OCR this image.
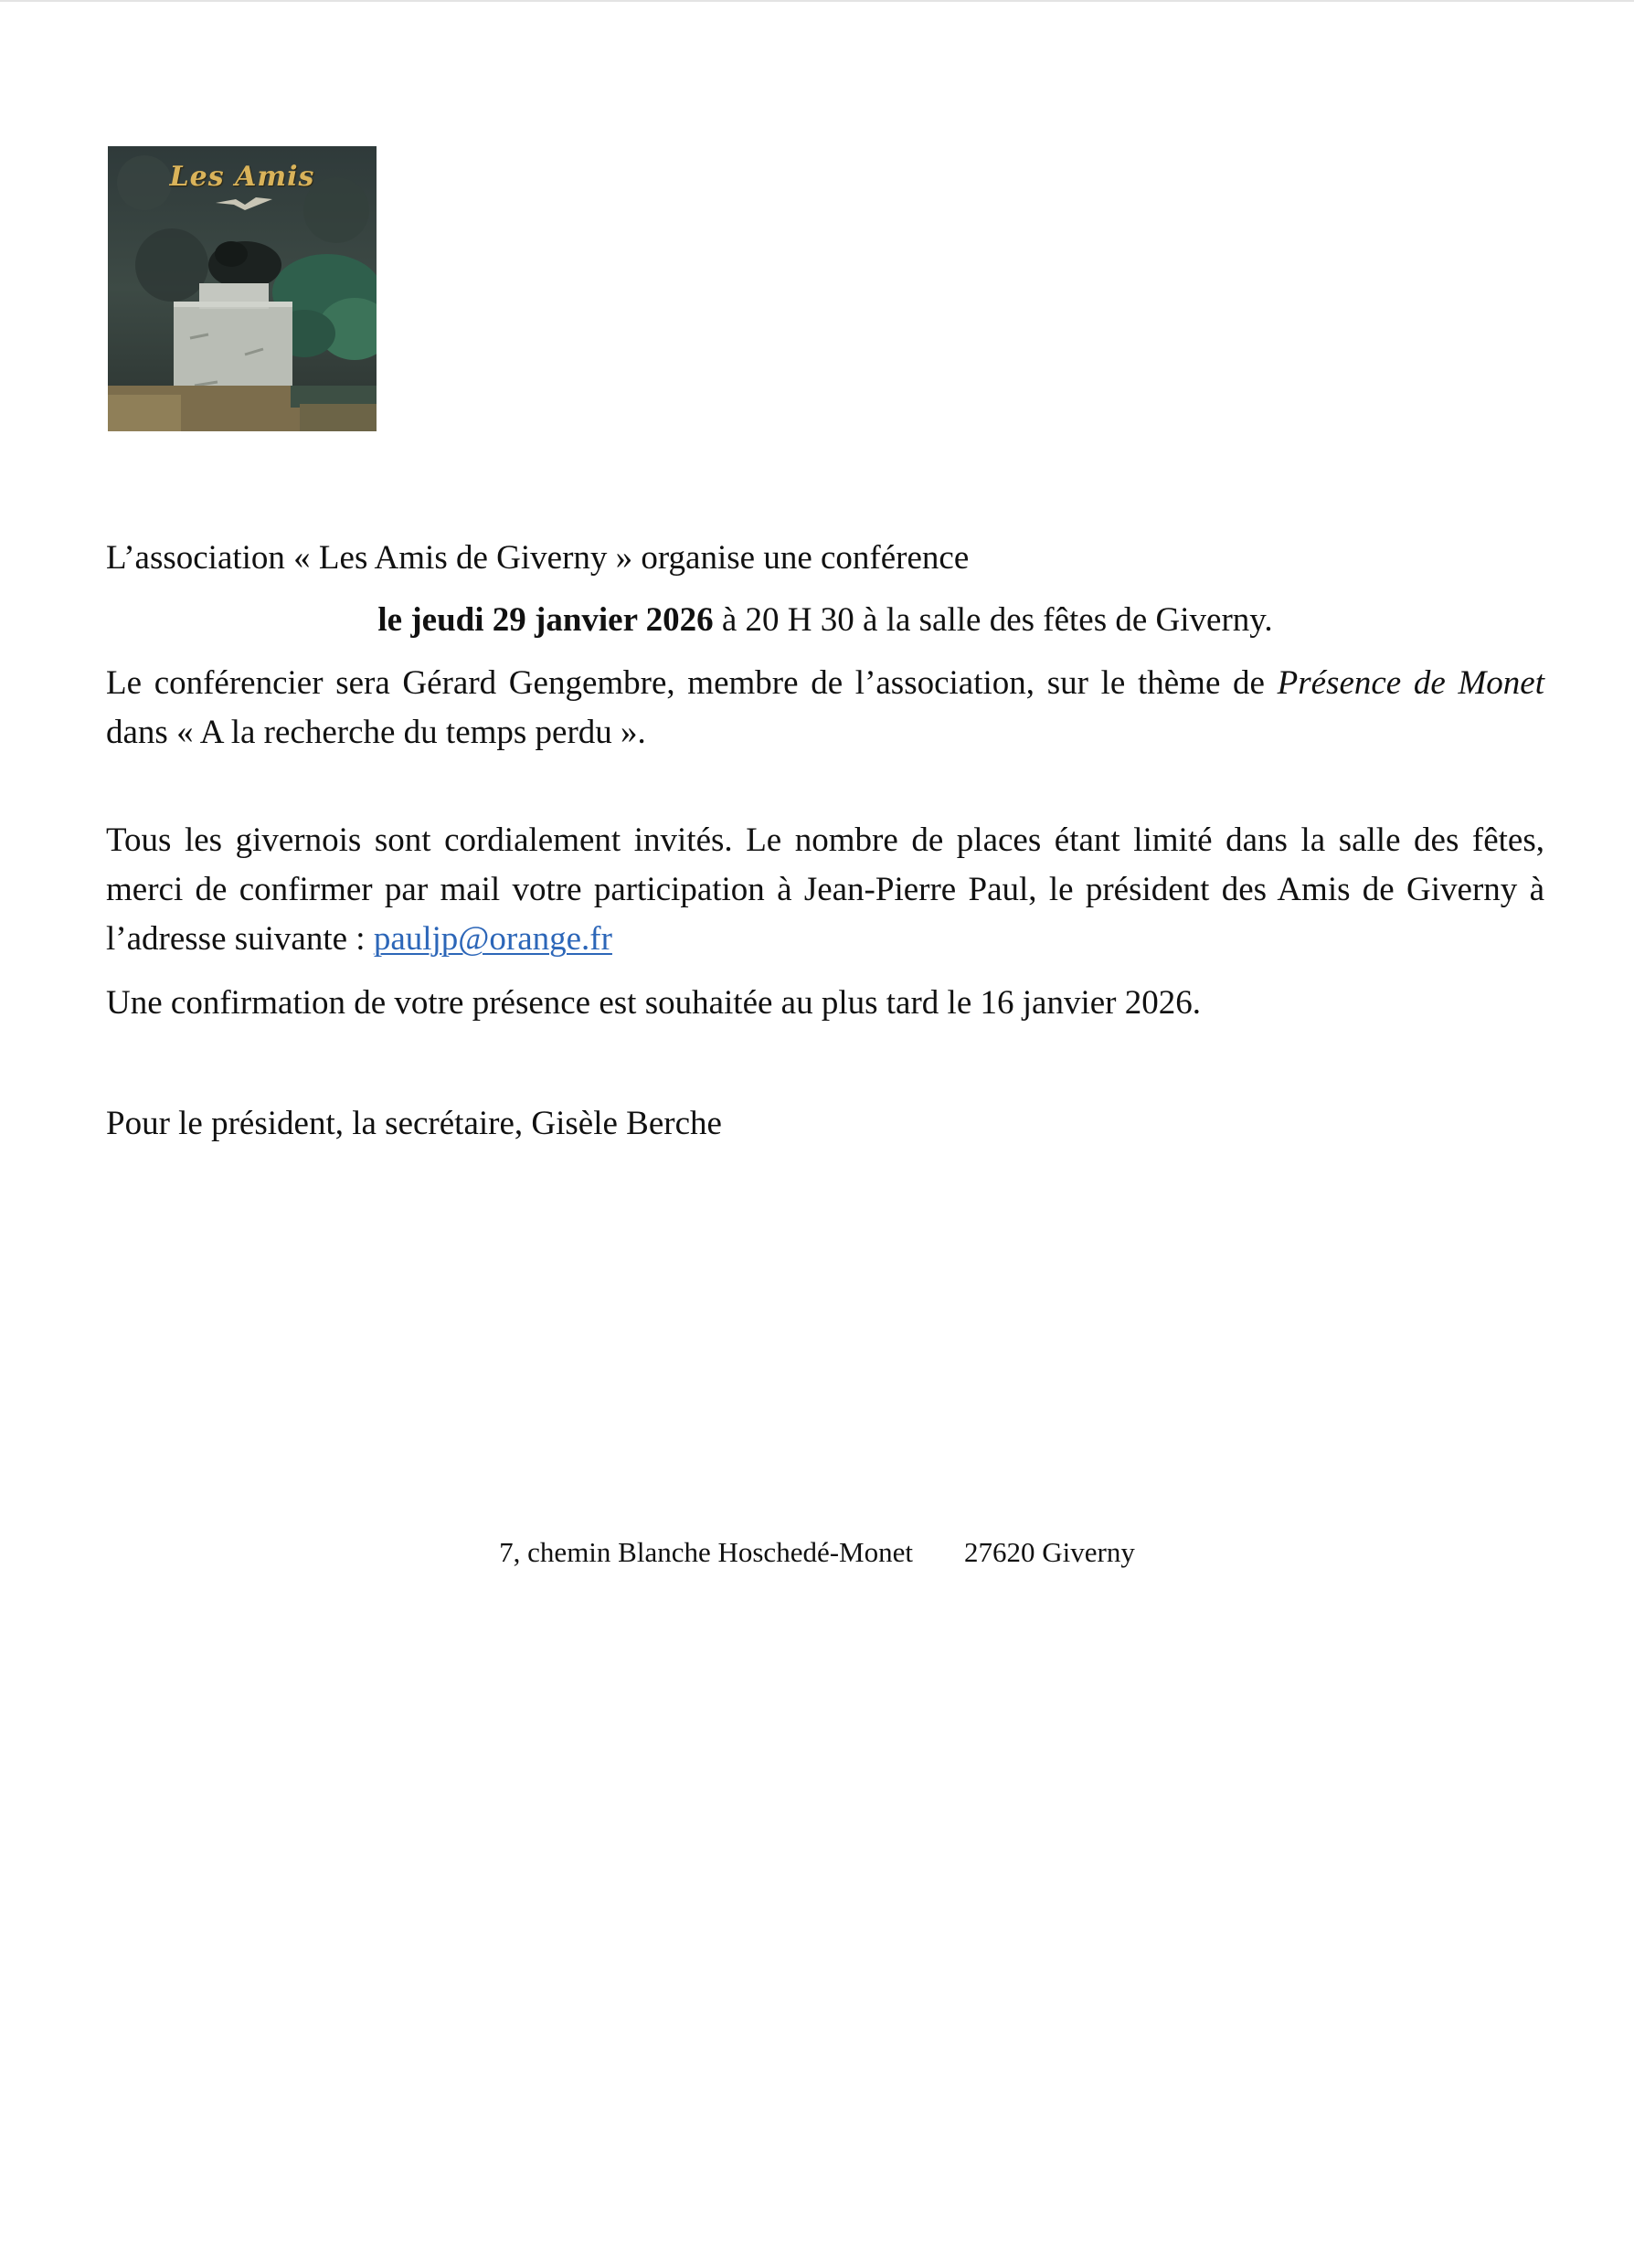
Les Amis
L’association « Les Amis de Giverny » organise une conférence
le jeudi 29 janvier 2026 à 20 H 30 à la salle des fêtes de Giverny.
Le conférencier sera Gérard Gengembre, membre de l’association, sur le thème de Présence de Monet dans « A la recherche du temps perdu ».
Tous les givernois sont cordialement invités. Le nombre de places étant limité dans la salle des fêtes, merci de confirmer par mail votre participation à Jean-Pierre Paul, le président des Amis de Giverny à l’adresse suivante : pauljp@orange.fr
Une confirmation de votre présence est souhaitée au plus tard le 16 janvier 2026.
Pour le président, la secrétaire, Gisèle Berche
7, chemin Blanche Hoschedé-Monet 27620 Giverny
